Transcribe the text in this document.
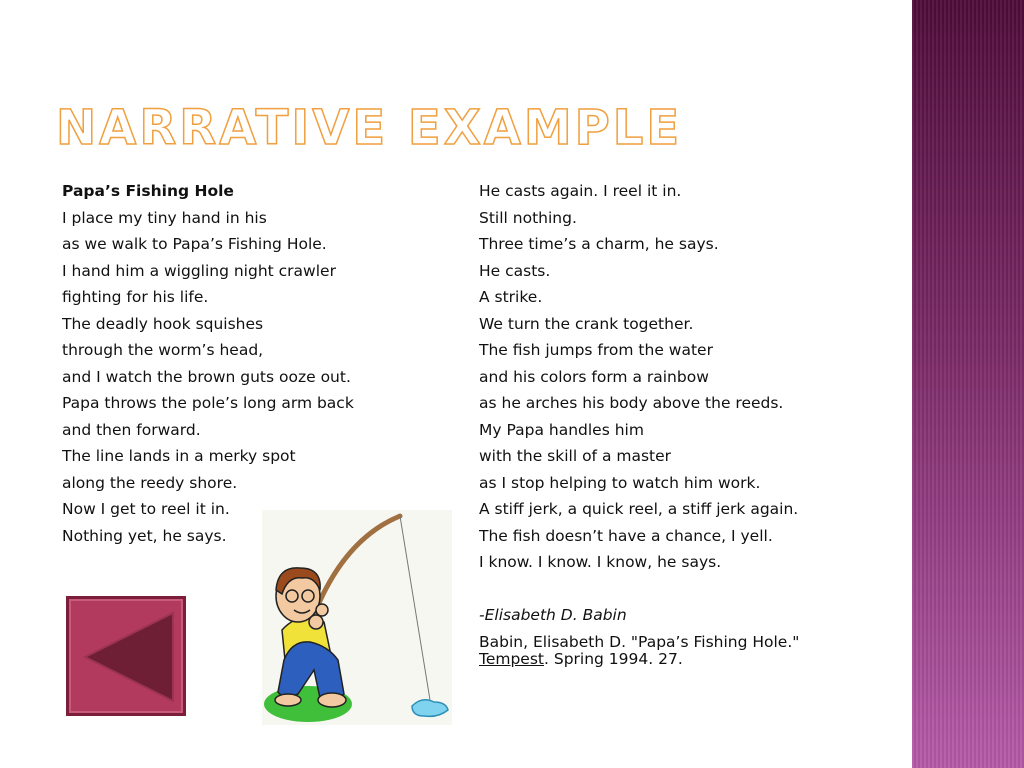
NARRATIVE EXAMPLE
Papa’s Fishing Hole
I place my tiny hand in his
as we walk to Papa’s Fishing Hole.
I hand him a wiggling night crawler
fighting for his life.
The deadly hook squishes
through the worm’s head,
and I watch the brown guts ooze out.
Papa throws the pole’s long arm back
and then forward.
The line lands in a merky spot
along the reedy shore.
Now I get to reel it in.
Nothing yet, he says.
He casts again. I reel it in.
Still nothing.
Three time’s a charm, he says.
He casts.
A strike.
We turn the crank together.
The fish jumps from the water
and his colors form a rainbow
as he arches his body above the reeds.
My Papa handles him
with the skill of a master
as I stop helping to watch him work.
A stiff jerk, a quick reel, a stiff jerk again.
The fish doesn’t have a chance, I yell.
I know. I know. I know, he says.
-Elisabeth D. Babin
Babin, Elisabeth D. "Papa’s Fishing Hole."
Tempest. Spring 1994. 27.
